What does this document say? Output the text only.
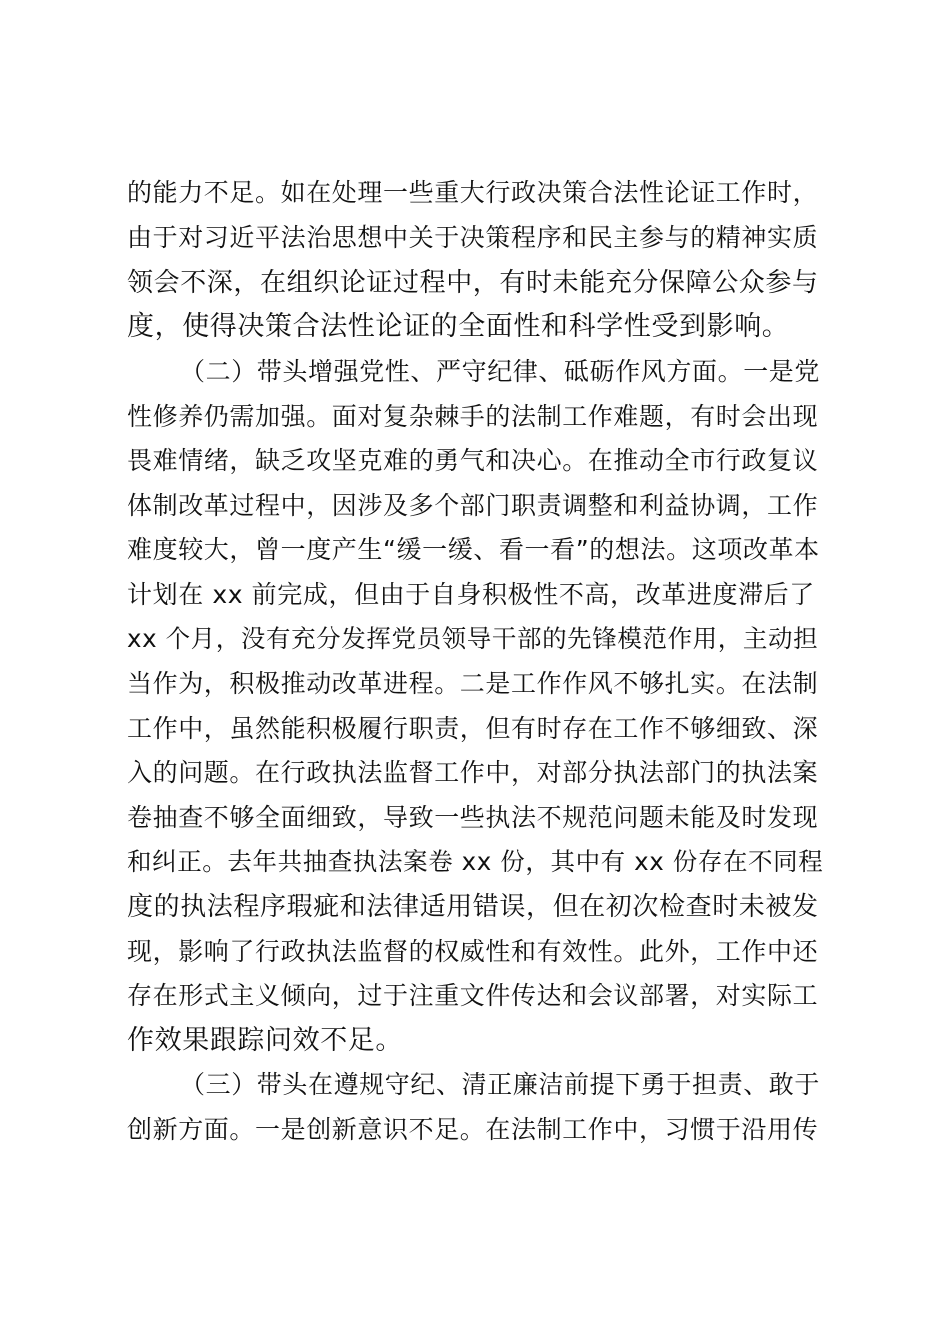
的能力不足。如在处理一些重大行政决策合法性论证工作时，
由于对习近平法治思想中关于决策程序和民主参与的精神实质
领会不深，在组织论证过程中，有时未能充分保障公众参与
度，使得决策合法性论证的全面性和科学性受到影响。
（二）带头增强党性、严守纪律、砥砺作风方面。一是党
性修养仍需加强。面对复杂棘手的法制工作难题，有时会出现
畏难情绪，缺乏攻坚克难的勇气和决心。在推动全市行政复议
体制改革过程中，因涉及多个部门职责调整和利益协调，工作
难度较大，曾一度产生“缓一缓、看一看”的想法。这项改革本
计划在 xx 前完成，但由于自身积极性不高，改革进度滞后了
xx 个月，没有充分发挥党员领导干部的先锋模范作用，主动担
当作为，积极推动改革进程。二是工作作风不够扎实。在法制
工作中，虽然能积极履行职责，但有时存在工作不够细致、深
入的问题。在行政执法监督工作中，对部分执法部门的执法案
卷抽查不够全面细致，导致一些执法不规范问题未能及时发现
和纠正。去年共抽查执法案卷 xx 份，其中有 xx 份存在不同程
度的执法程序瑕疵和法律适用错误，但在初次检查时未被发
现，影响了行政执法监督的权威性和有效性。此外，工作中还
存在形式主义倾向，过于注重文件传达和会议部署，对实际工
作效果跟踪问效不足。
（三）带头在遵规守纪、清正廉洁前提下勇于担责、敢于
创新方面。一是创新意识不足。在法制工作中，习惯于沿用传
